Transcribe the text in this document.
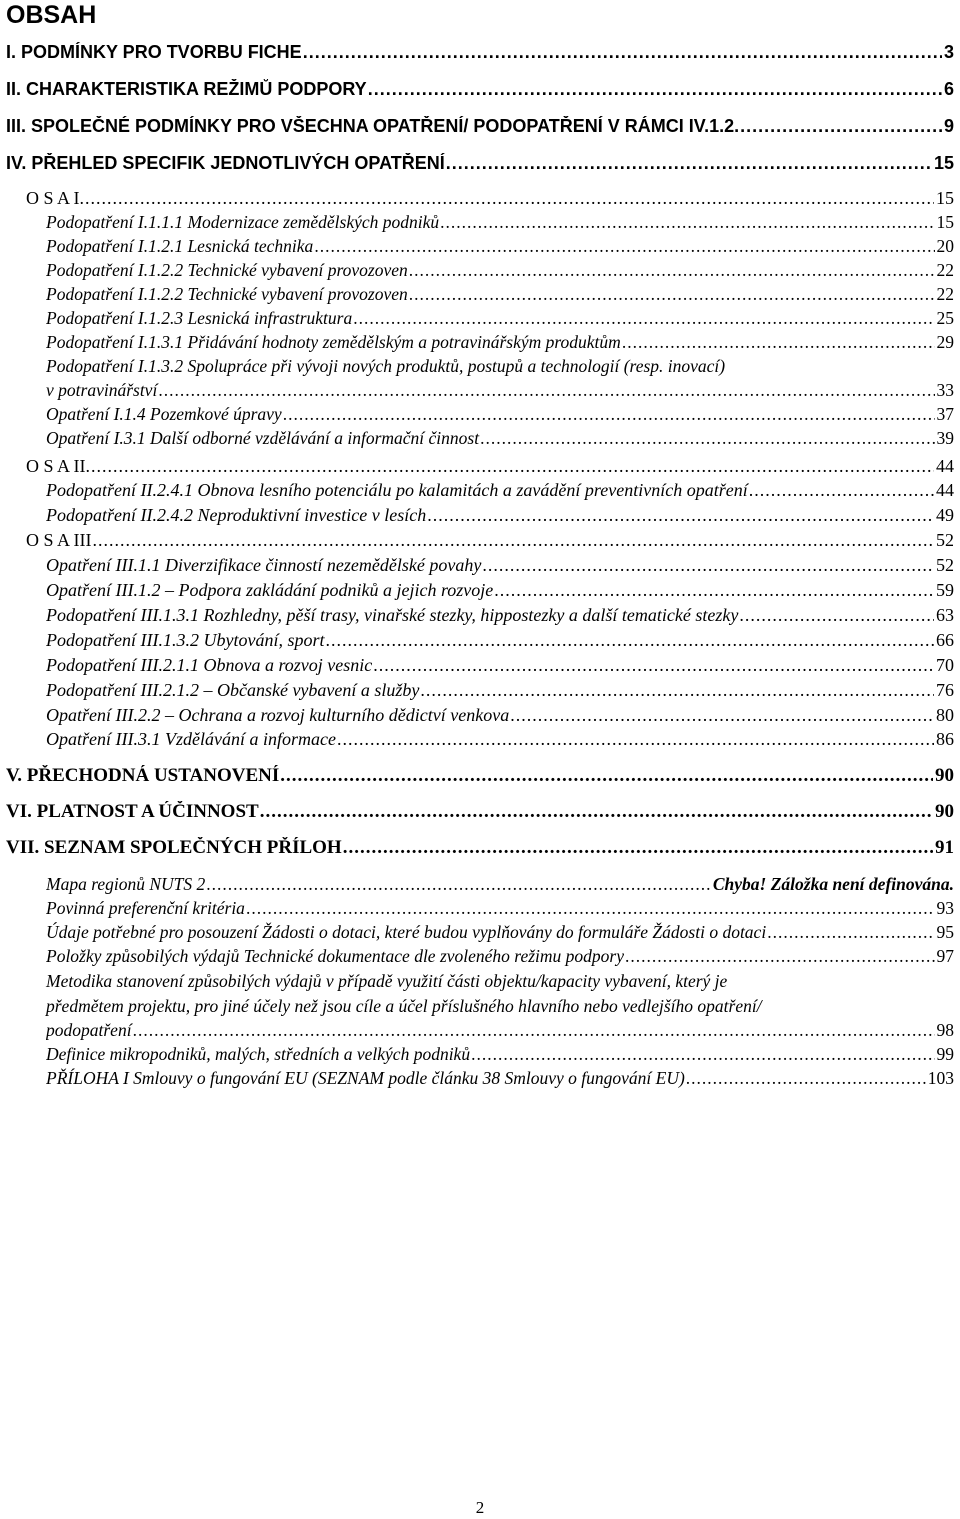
OBSAH
I. PODMÍNKY PRO TVORBU FICHE .....	3
II. CHARAKTERISTIKA REŽIMŮ PODPORY .....	6
III. SPOLEČNÉ PODMÍNKY PRO VŠECHNA OPATŘENÍ/ PODOPATŘENÍ V RÁMCI IV.1.2. .....	9
IV. PŘEHLED SPECIFIK JEDNOTLIVÝCH OPATŘENÍ .....	15
O S A I. .....	15
Podopatření I.1.1.1 Modernizace zemědělských podniků .....	15
Podopatření I.1.2.1 Lesnická technika .....	20
Podopatření I.1.2.2 Technické vybavení provozoven .....	22
Podopatření I.1.2.2 Technické vybavení provozoven .....	22
Podopatření I.1.2.3 Lesnická infrastruktura .....	25
Podopatření I.1.3.1 Přidávání hodnoty zemědělským a potravinářským produktům .....	29
Podopatření I.1.3.2 Spolupráce při vývoji nových produktů, postupů a technologií (resp. inovací)
v potravinářství .....	33
Opatření I.1.4 Pozemkové úpravy .....	37
Opatření I.3.1 Další odborné vzdělávání a informační činnost .....	39
O S A II. .....	44
Podopatření II.2.4.1 Obnova lesního potenciálu po kalamitách a zavádění preventivních opatření .....	44
Podopatření II.2.4.2 Neproduktivní investice v lesích .....	49
O S A III .....	52
Opatření III.1.1 Diverzifikace činností nezemědělské povahy .....	52
Opatření III.1.2 – Podpora zakládání podniků a jejich rozvoje .....	59
Podopatření III.1.3.1 Rozhledny, pěší trasy, vinařské stezky, hippostezky a další tematické stezky .....	63
Podopatření III.1.3.2 Ubytování, sport .....	66
Podopatření III.2.1.1 Obnova a rozvoj vesnic .....	70
Podopatření III.2.1.2 – Občanské vybavení a služby .....	76
Opatření III.2.2 – Ochrana a rozvoj kulturního dědictví venkova .....	80
Opatření III.3.1 Vzdělávání a informace .....	86
V. PŘECHODNÁ USTANOVENÍ .....	90
VI. PLATNOST A ÚČINNOST .....	90
VII. SEZNAM SPOLEČNÝCH PŘÍLOH .....	91
Mapa regionů NUTS 2 .....	Chyba! Záložka není definována.
Povinná preferenční kritéria .....	93
Údaje potřebné pro posouzení Žádosti o dotaci, které budou vyplňovány do formuláře Žádosti o dotaci .....	95
Položky způsobilých výdajů Technické dokumentace dle zvoleného režimu podpory .....	97
Metodika stanovení způsobilých výdajů v případě využití části objektu/kapacity vybavení, který je
předmětem projektu, pro jiné účely než jsou cíle a účel příslušného hlavního nebo vedlejšího opatření/
podopatření .....	98
Definice mikropodniků, malých, středních a velkých podniků .....	99
PŘÍLOHA I Smlouvy o fungování EU (SEZNAM podle článku 38 Smlouvy o fungování EU) .....	103
2
